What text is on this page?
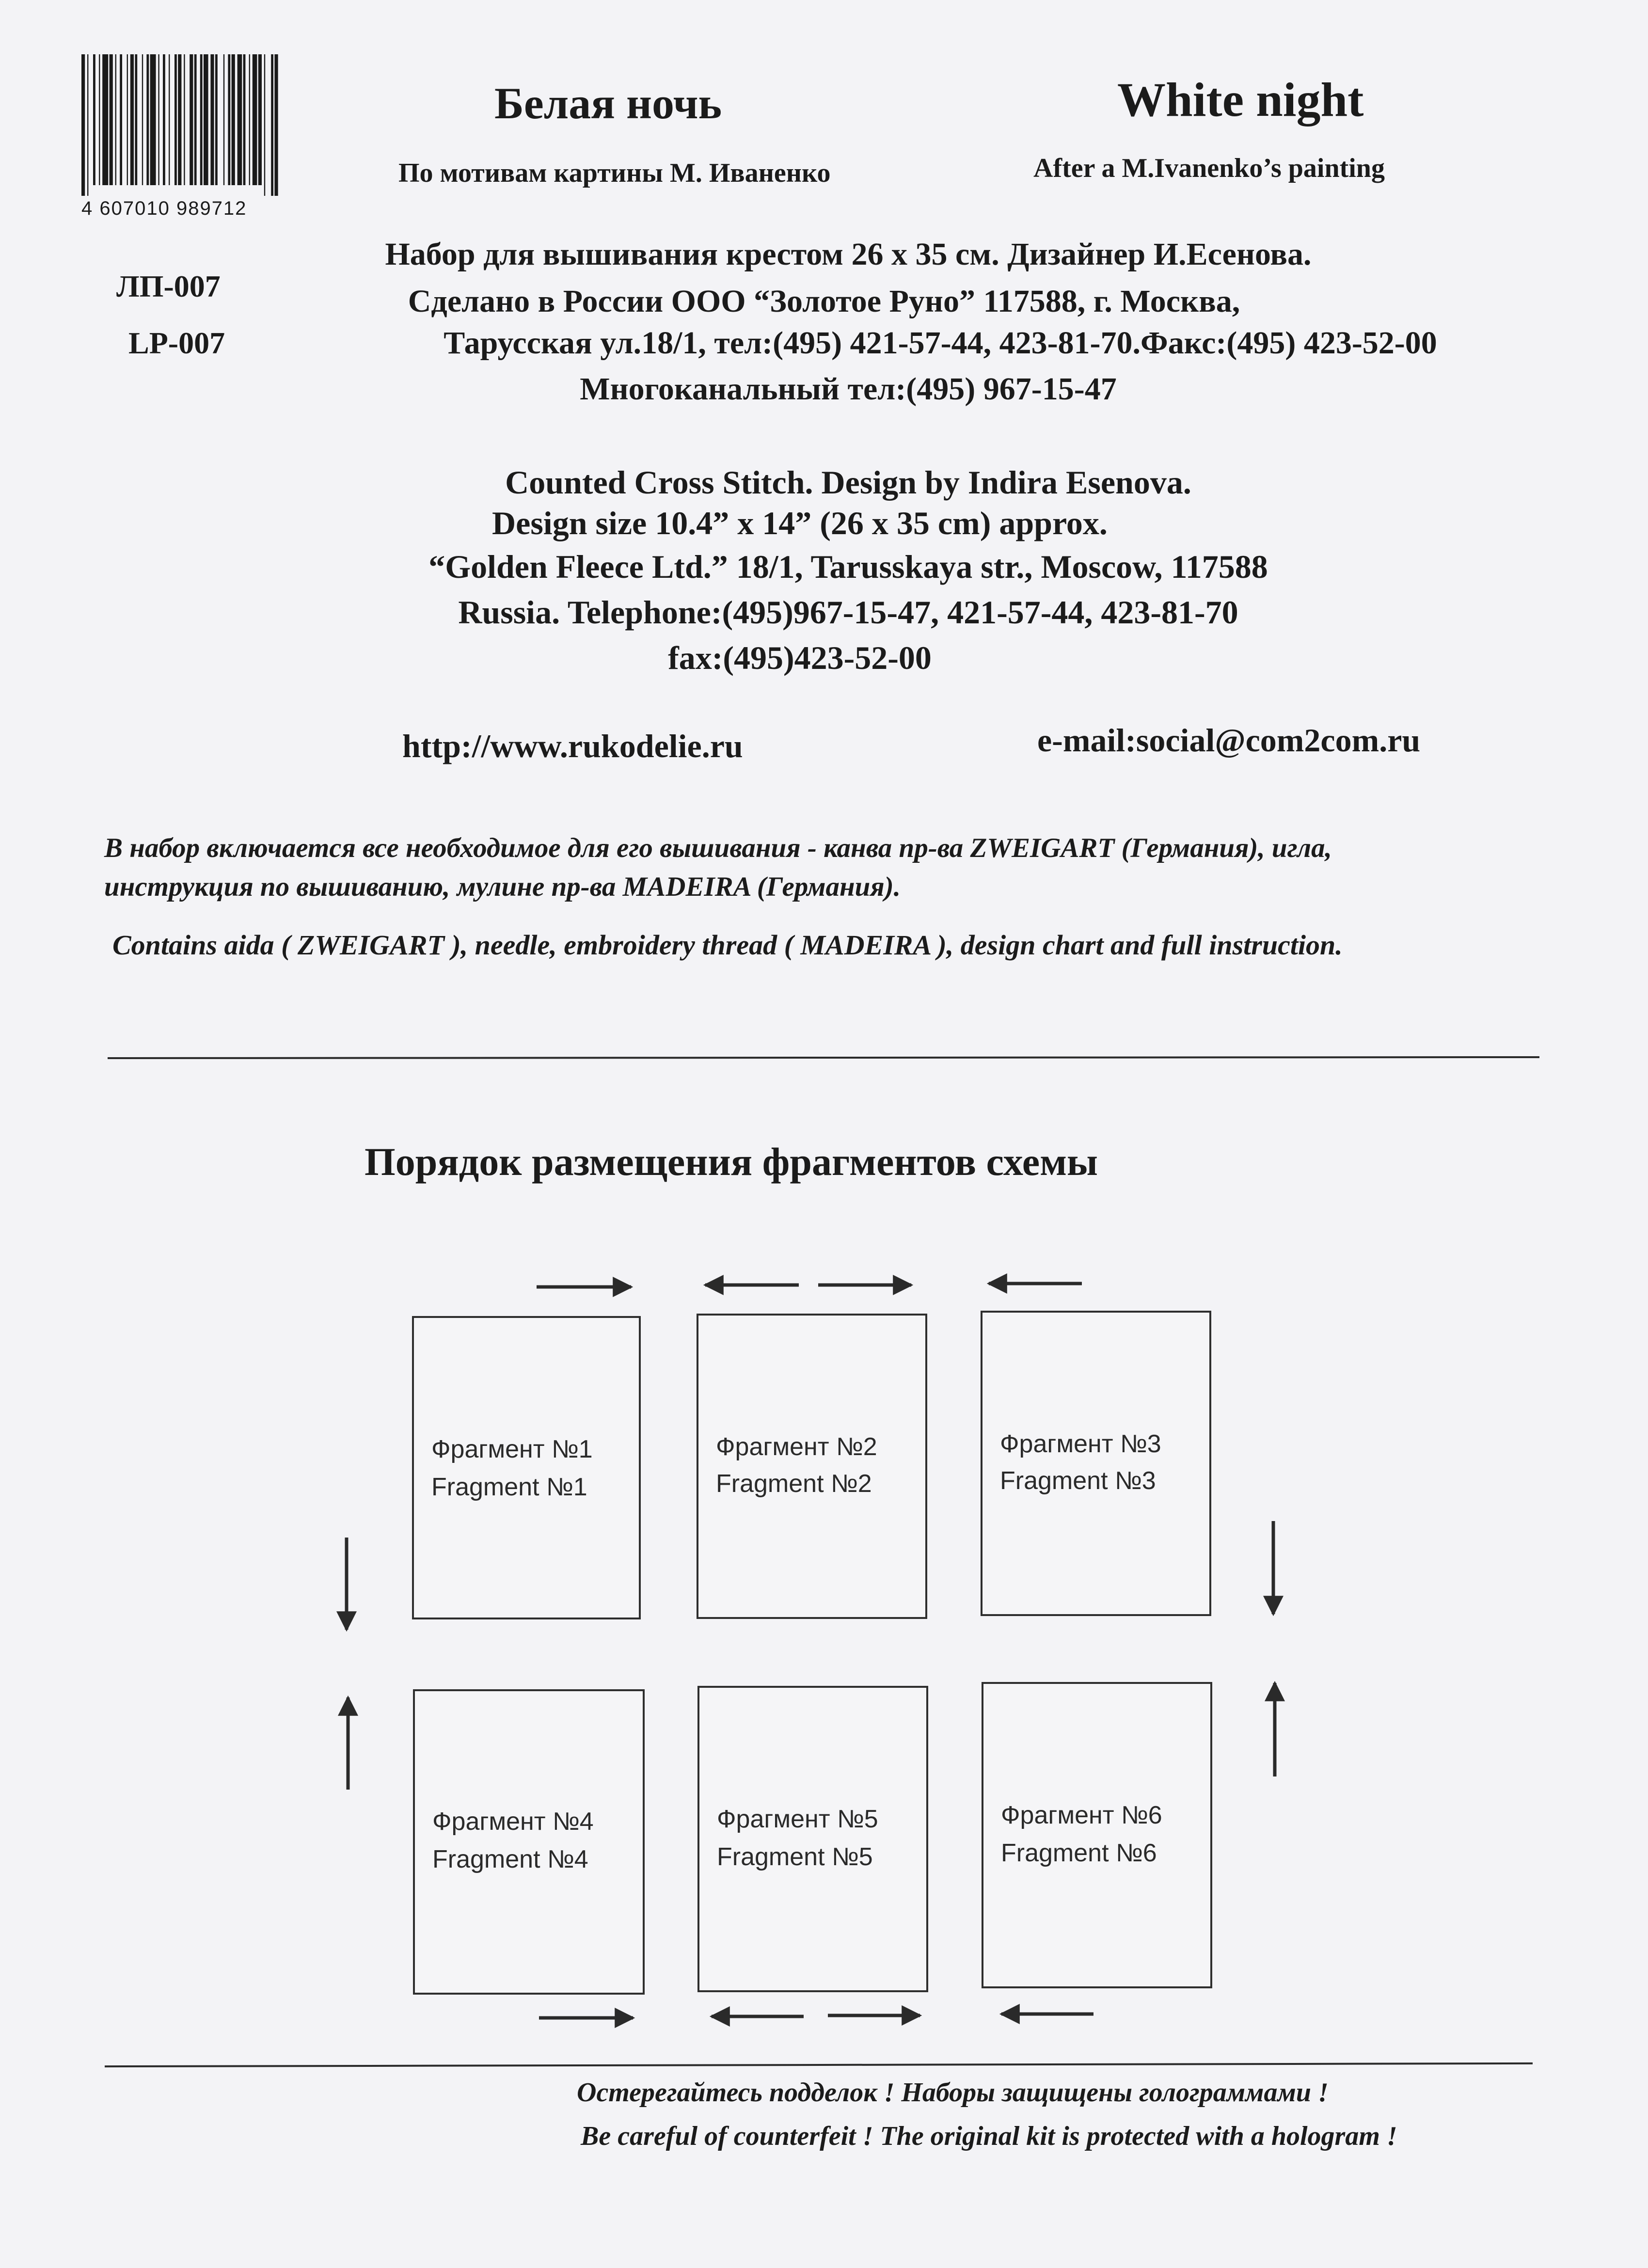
4 607010 989712
ЛП-007
LP-007
Белая ночь	White night
По мотивам картины М. Иваненко	After a M.Ivanenko’s painting
Набор для вышивания крестом 26 х 35 см. Дизайнер И.Есенова.
Сделано в России ООО “Золотое Руно” 117588, г. Москва,
Тарусская ул.18/1, тел:(495) 421-57-44, 423-81-70.Факс:(495) 423-52-00
Многоканальный тел:(495) 967-15-47
Counted Cross Stitch. Design by Indira Esenova.
Design size 10.4” x 14” (26 x 35 cm) approx.
“Golden Fleece Ltd.” 18/1, Tarusskaya str., Moscow, 117588
Russia. Telephone:(495)967-15-47, 421-57-44, 423-81-70
fax:(495)423-52-00
http://www.rukodelie.ru	e-mail:social@com2com.ru
В набор включается все необходимое для его вышивания - канва пр-ва ZWEIGART (Германия), игла,
инструкция по вышиванию, мулине пр-ва MADEIRA (Германия).
Contains aida ( ZWEIGART ), needle, embroidery thread ( MADEIRA ), design chart and full instruction.
Порядок размещения фрагментов схемы
Фрагмент №1
Fragment №1
Фрагмент №2
Fragment №2
Фрагмент №3
Fragment №3
Фрагмент №4
Fragment №4
Фрагмент №5
Fragment №5
Фрагмент №6
Fragment №6
Остерегайтесь подделок ! Наборы защищены голограммами !
Be careful of counterfeit ! The original kit is protected with a hologram !
